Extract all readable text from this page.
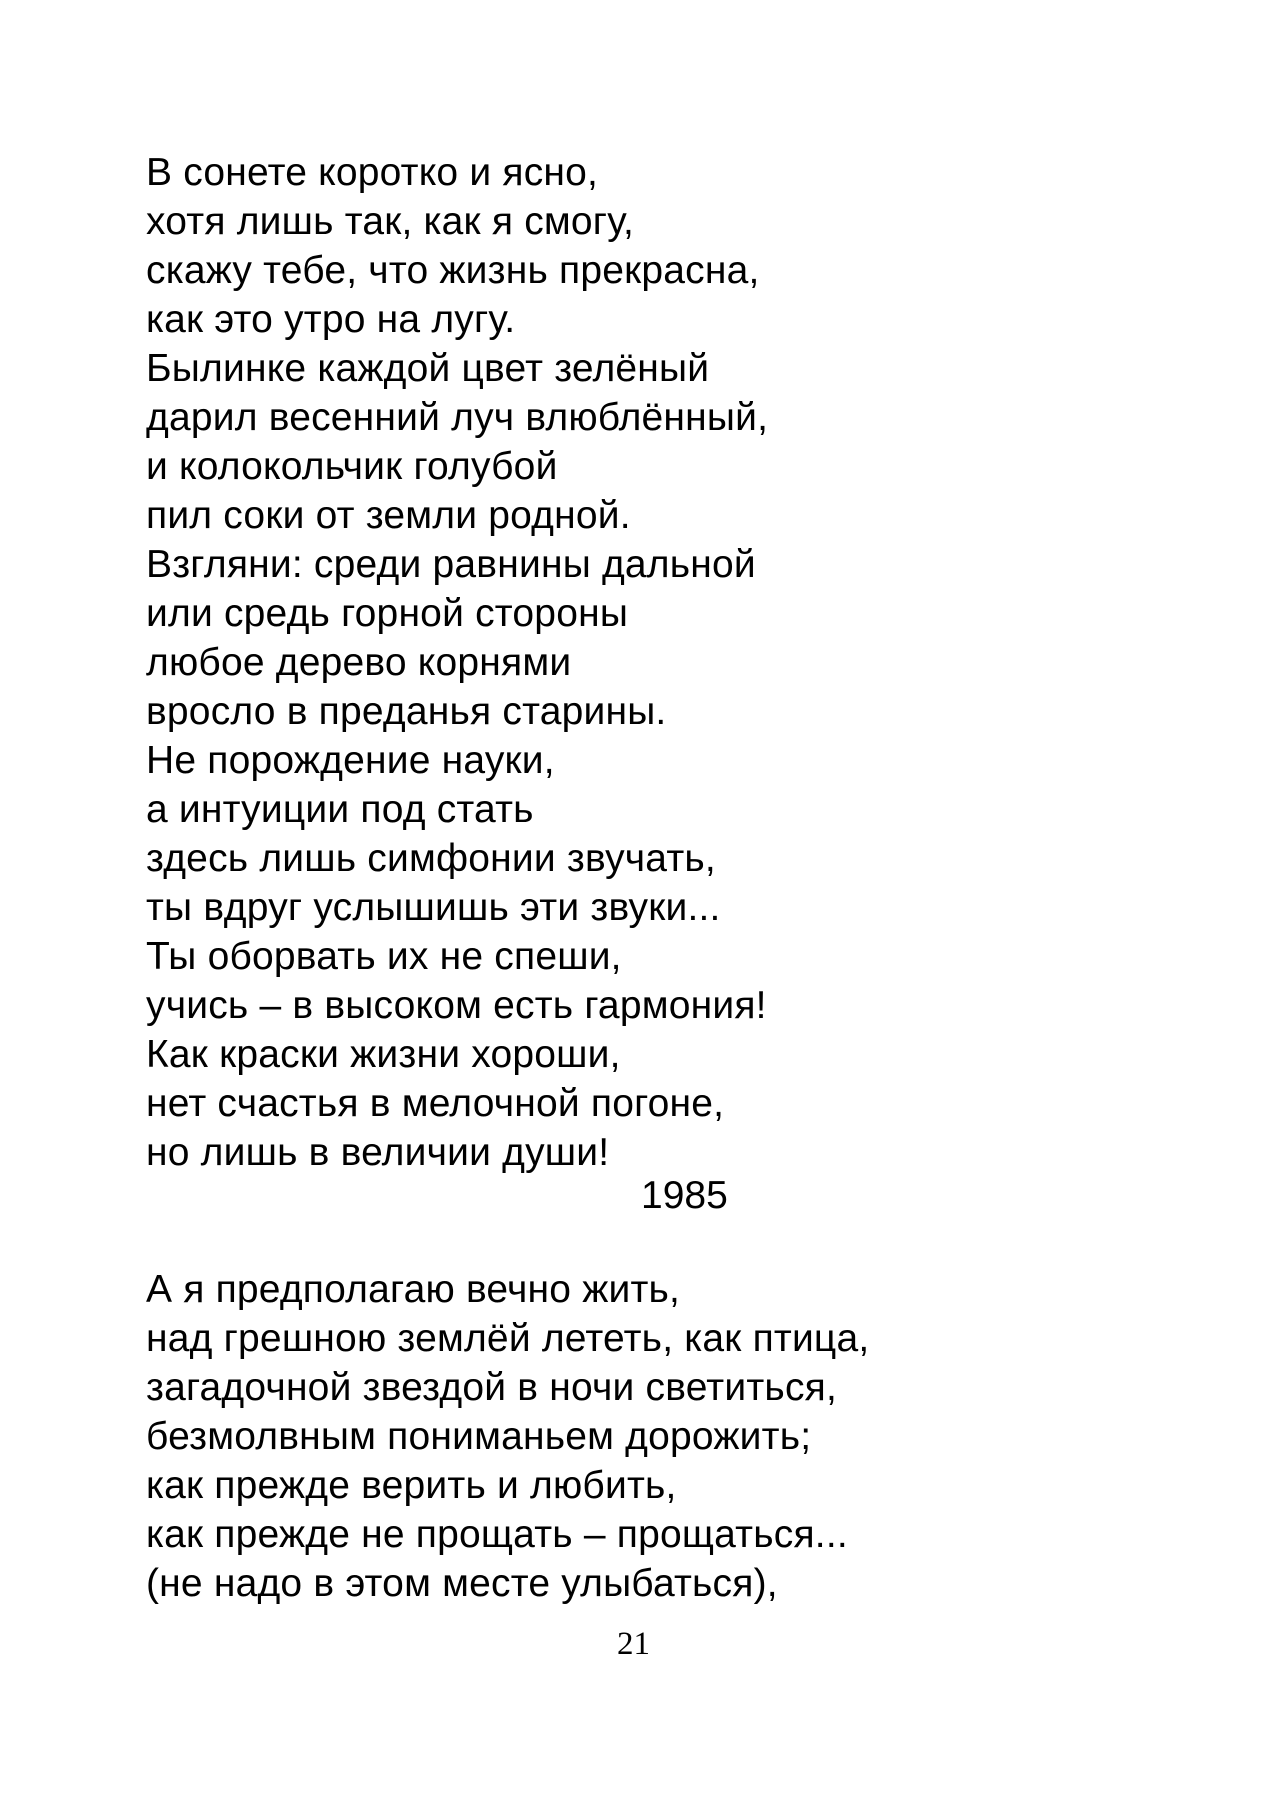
В сонете коротко и ясно,
хотя лишь так, как я смогу,
скажу тебе, что жизнь прекрасна,
как это утро на лугу.
Былинке каждой цвет зелёный
дарил весенний луч влюблённый,
и колокольчик голубой
пил соки от земли родной.
Взгляни: среди равнины дальной
или средь горной стороны
любое дерево корнями
вросло в преданья старины.
Не порождение науки,
а интуиции под стать
здесь лишь симфонии звучать,
ты вдруг услышишь эти звуки...
Ты оборвать их не спеши,
учись – в высоком есть гармония!
Как краски жизни хороши,
нет счастья в мелочной погоне,
но лишь в величии души!
1985
А я предполагаю вечно жить,
над грешною землёй лететь, как птица,
загадочной звездой в ночи светиться,
безмолвным пониманьем дорожить;
как прежде верить и любить,
как прежде не прощать – прощаться...
(не надо в этом месте улыбаться),
21
